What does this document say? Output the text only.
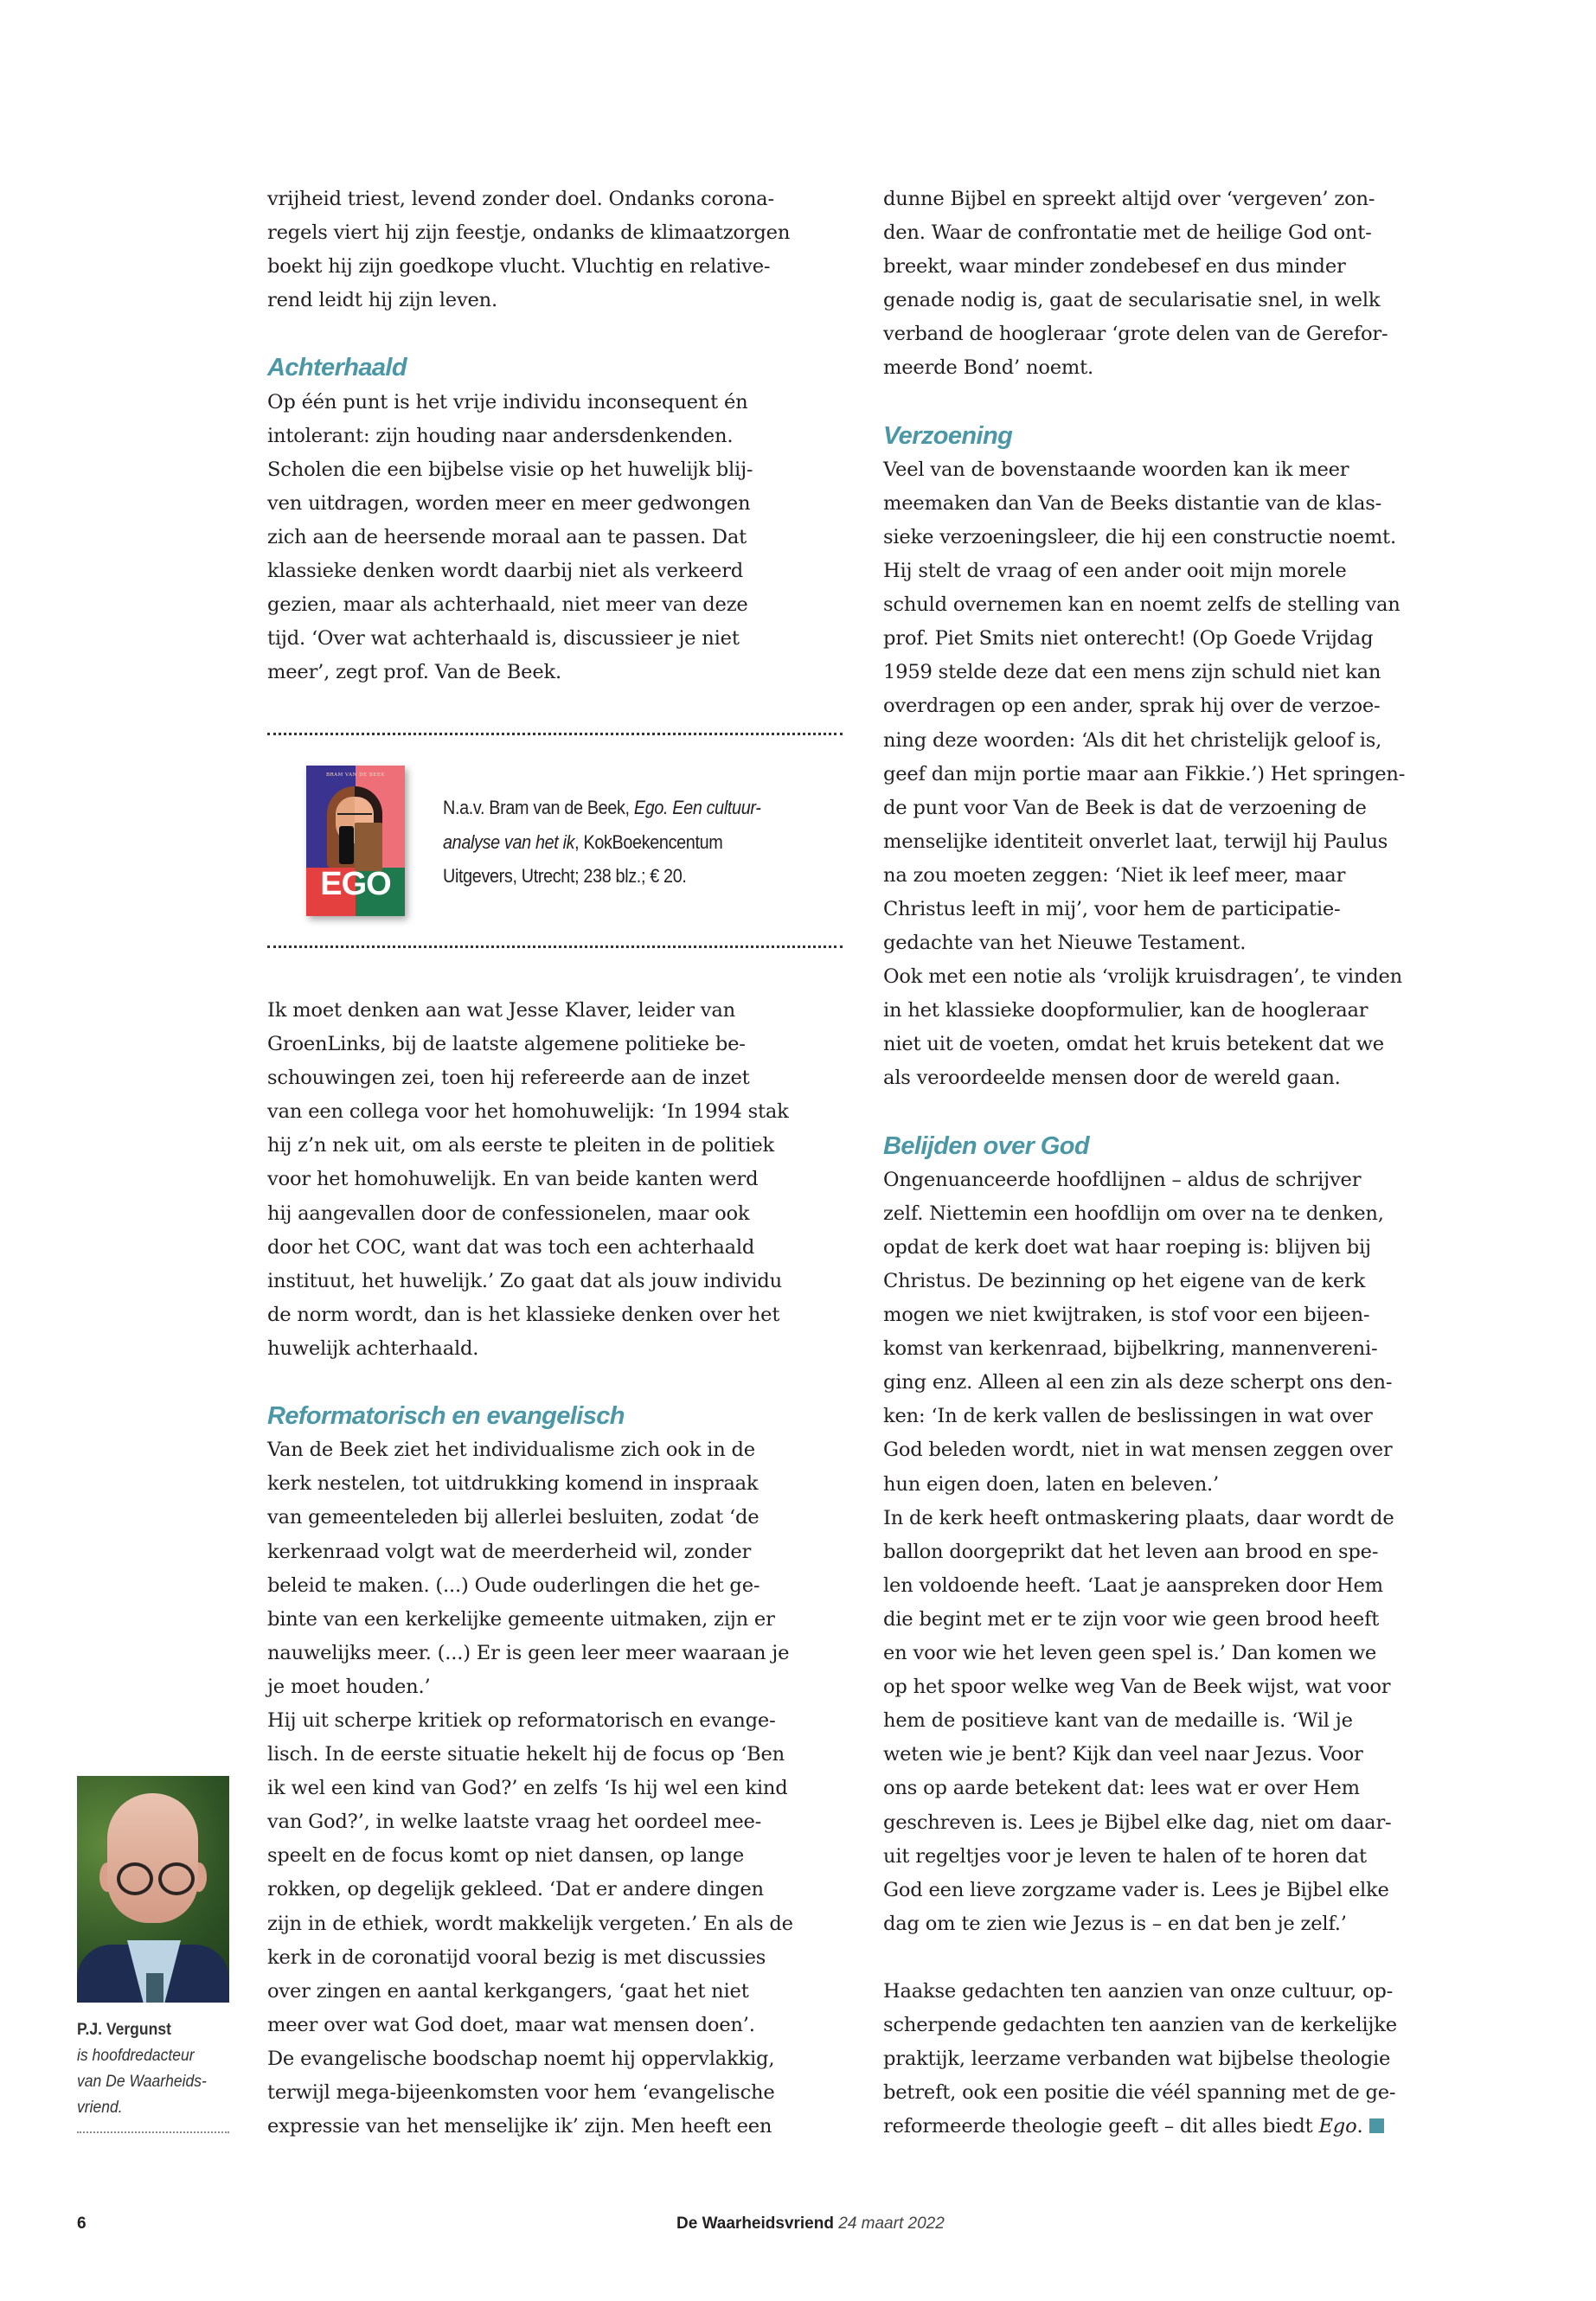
vrijheid triest, levend zonder doel. Ondanks corona-
regels viert hij zijn feestje, ondanks de klimaatzorgen
boekt hij zijn goedkope vlucht. Vluchtig en relative-
rend leidt hij zijn leven.
Achterhaald
Op één punt is het vrije individu inconsequent én
intolerant: zijn houding naar andersdenkenden.
Scholen die een bijbelse visie op het huwelijk blij-
ven uitdragen, worden meer en meer gedwongen
zich aan de heersende moraal aan te passen. Dat
klassieke denken wordt daarbij niet als verkeerd
gezien, maar als achterhaald, niet meer van deze
tijd. ‘Over wat achterhaald is, discussieer je niet
meer’, zegt prof. Van de Beek.
BRAM VAN DE BEEK
EGO
N.a.v. Bram van de Beek, Ego. Een cultuur-
analyse van het ik, KokBoekencentum
Uitgevers, Utrecht; 238 blz.; € 20.
Ik moet denken aan wat Jesse Klaver, leider van
GroenLinks, bij de laatste algemene politieke be-
schouwingen zei, toen hij refereerde aan de inzet
van een collega voor het homohuwelijk: ‘In 1994 stak
hij z’n nek uit, om als eerste te pleiten in de politiek
voor het homohuwelijk. En van beide kanten werd
hij aangevallen door de confessionelen, maar ook
door het COC, want dat was toch een achterhaald
instituut, het huwelijk.’ Zo gaat dat als jouw individu
de norm wordt, dan is het klassieke denken over het
huwelijk achterhaald.
Reformatorisch en evangelisch
Van de Beek ziet het individualisme zich ook in de
kerk nestelen, tot uitdrukking komend in inspraak
van gemeenteleden bij allerlei besluiten, zodat ‘de
kerkenraad volgt wat de meerderheid wil, zonder
beleid te maken. (...) Oude ouderlingen die het ge-
binte van een kerkelijke gemeente uitmaken, zijn er
nauwelijks meer. (...) Er is geen leer meer waaraan je
je moet houden.’
Hij uit scherpe kritiek op reformatorisch en evange-
lisch. In de eerste situatie hekelt hij de focus op ‘Ben
ik wel een kind van God?’ en zelfs ‘Is hij wel een kind
van God?’, in welke laatste vraag het oordeel mee-
speelt en de focus komt op niet dansen, op lange
rokken, op degelijk gekleed. ‘Dat er andere dingen
zijn in de ethiek, wordt makkelijk vergeten.’ En als de
kerk in de coronatijd vooral bezig is met discussies
over zingen en aantal kerkgangers, ‘gaat het niet
meer over wat God doet, maar wat mensen doen’.
De evangelische boodschap noemt hij oppervlakkig,
terwijl mega-bijeenkomsten voor hem ‘evangelische
expressie van het menselijke ik’ zijn. Men heeft een
dunne Bijbel en spreekt altijd over ‘vergeven’ zon-
den. Waar de confrontatie met de heilige God ont-
breekt, waar minder zondebesef en dus minder
genade nodig is, gaat de secularisatie snel, in welk
verband de hoogleraar ‘grote delen van de Gerefor-
meerde Bond’ noemt.
Verzoening
Veel van de bovenstaande woorden kan ik meer
meemaken dan Van de Beeks distantie van de klas-
sieke verzoeningsleer, die hij een constructie noemt.
Hij stelt de vraag of een ander ooit mijn morele
schuld overnemen kan en noemt zelfs de stelling van
prof. Piet Smits niet onterecht! (Op Goede Vrijdag
1959 stelde deze dat een mens zijn schuld niet kan
overdragen op een ander, sprak hij over de verzoe-
ning deze woorden: ‘Als dit het christelijk geloof is,
geef dan mijn portie maar aan Fikkie.’) Het springen-
de punt voor Van de Beek is dat de verzoening de
menselijke identiteit onverlet laat, terwijl hij Paulus
na zou moeten zeggen: ‘Niet ik leef meer, maar
Christus leeft in mij’, voor hem de participatie-
gedachte van het Nieuwe Testament.
Ook met een notie als ‘vrolijk kruisdragen’, te vinden
in het klassieke doopformulier, kan de hoogleraar
niet uit de voeten, omdat het kruis betekent dat we
als veroordeelde mensen door de wereld gaan.
Belijden over God
Ongenuanceerde hoofdlijnen – aldus de schrijver
zelf. Niettemin een hoofdlijn om over na te denken,
opdat de kerk doet wat haar roeping is: blijven bij
Christus. De bezinning op het eigene van de kerk
mogen we niet kwijtraken, is stof voor een bijeen-
komst van kerkenraad, bijbelkring, mannenvereni-
ging enz. Alleen al een zin als deze scherpt ons den-
ken: ‘In de kerk vallen de beslissingen in wat over
God beleden wordt, niet in wat mensen zeggen over
hun eigen doen, laten en beleven.’
In de kerk heeft ontmaskering plaats, daar wordt de
ballon doorgeprikt dat het leven aan brood en spe-
len voldoende heeft. ‘Laat je aanspreken door Hem
die begint met er te zijn voor wie geen brood heeft
en voor wie het leven geen spel is.’ Dan komen we
op het spoor welke weg Van de Beek wijst, wat voor
hem de positieve kant van de medaille is. ‘Wil je
weten wie je bent? Kijk dan veel naar Jezus. Voor
ons op aarde betekent dat: lees wat er over Hem
geschreven is. Lees je Bijbel elke dag, niet om daar-
uit regeltjes voor je leven te halen of te horen dat
God een lieve zorgzame vader is. Lees je Bijbel elke
dag om te zien wie Jezus is – en dat ben je zelf.’
Haakse gedachten ten aanzien van onze cultuur, op-
scherpende gedachten ten aanzien van de kerkelijke
praktijk, leerzame verbanden wat bijbelse theologie
betreft, ook een positie die véél spanning met de ge-
reformeerde theologie geeft – dit alles biedt Ego.
P.J. Vergunst
is hoofdredacteur
van De Waarheids-
vriend.
6	De Waarheidsvriend 24 maart 2022
